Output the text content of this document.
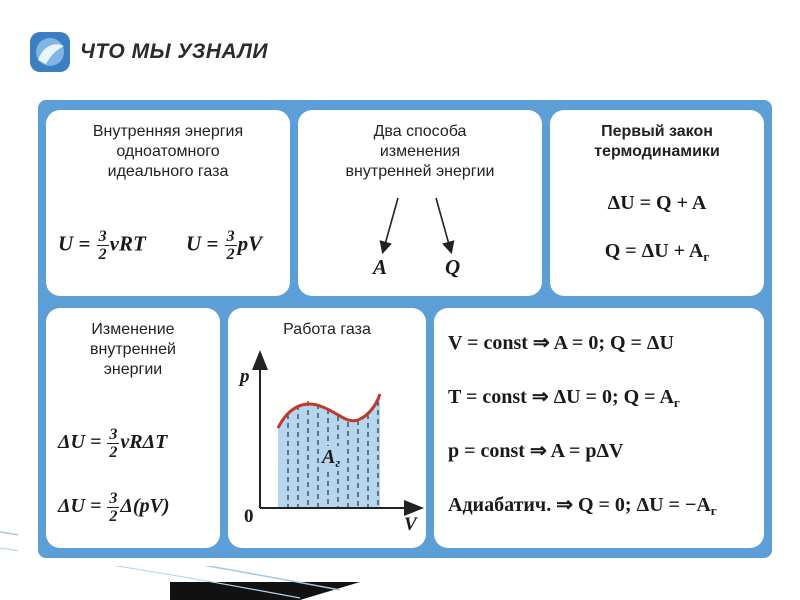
ЧТО МЫ УЗНАЛИ
Внутренняя энергия
одноатомного
идеального газа
$U = \frac{3}{2}$ νRT $U = \frac{3}{2}$ pV
Два способа
изменения
внутренней энергии
A	Q
Первый закон
термодинамики
ΔU = Q + A
$Q = \Delta U + A_г$
Изменение
внутренней
энергии
$\Delta U = \frac{3}{2}$ νRΔT
$\Delta U = \frac{3}{2} \Delta(pV)$
Работа газа
p
V
0
$A_г$
V = const ⇒ A = 0; Q = ΔU
T = const ⇒ ΔU = 0; $Q = A_г$
p = const ⇒ A = pΔV
Адиабатич. ⇒ Q = 0; $\Delta U = -A_г$
